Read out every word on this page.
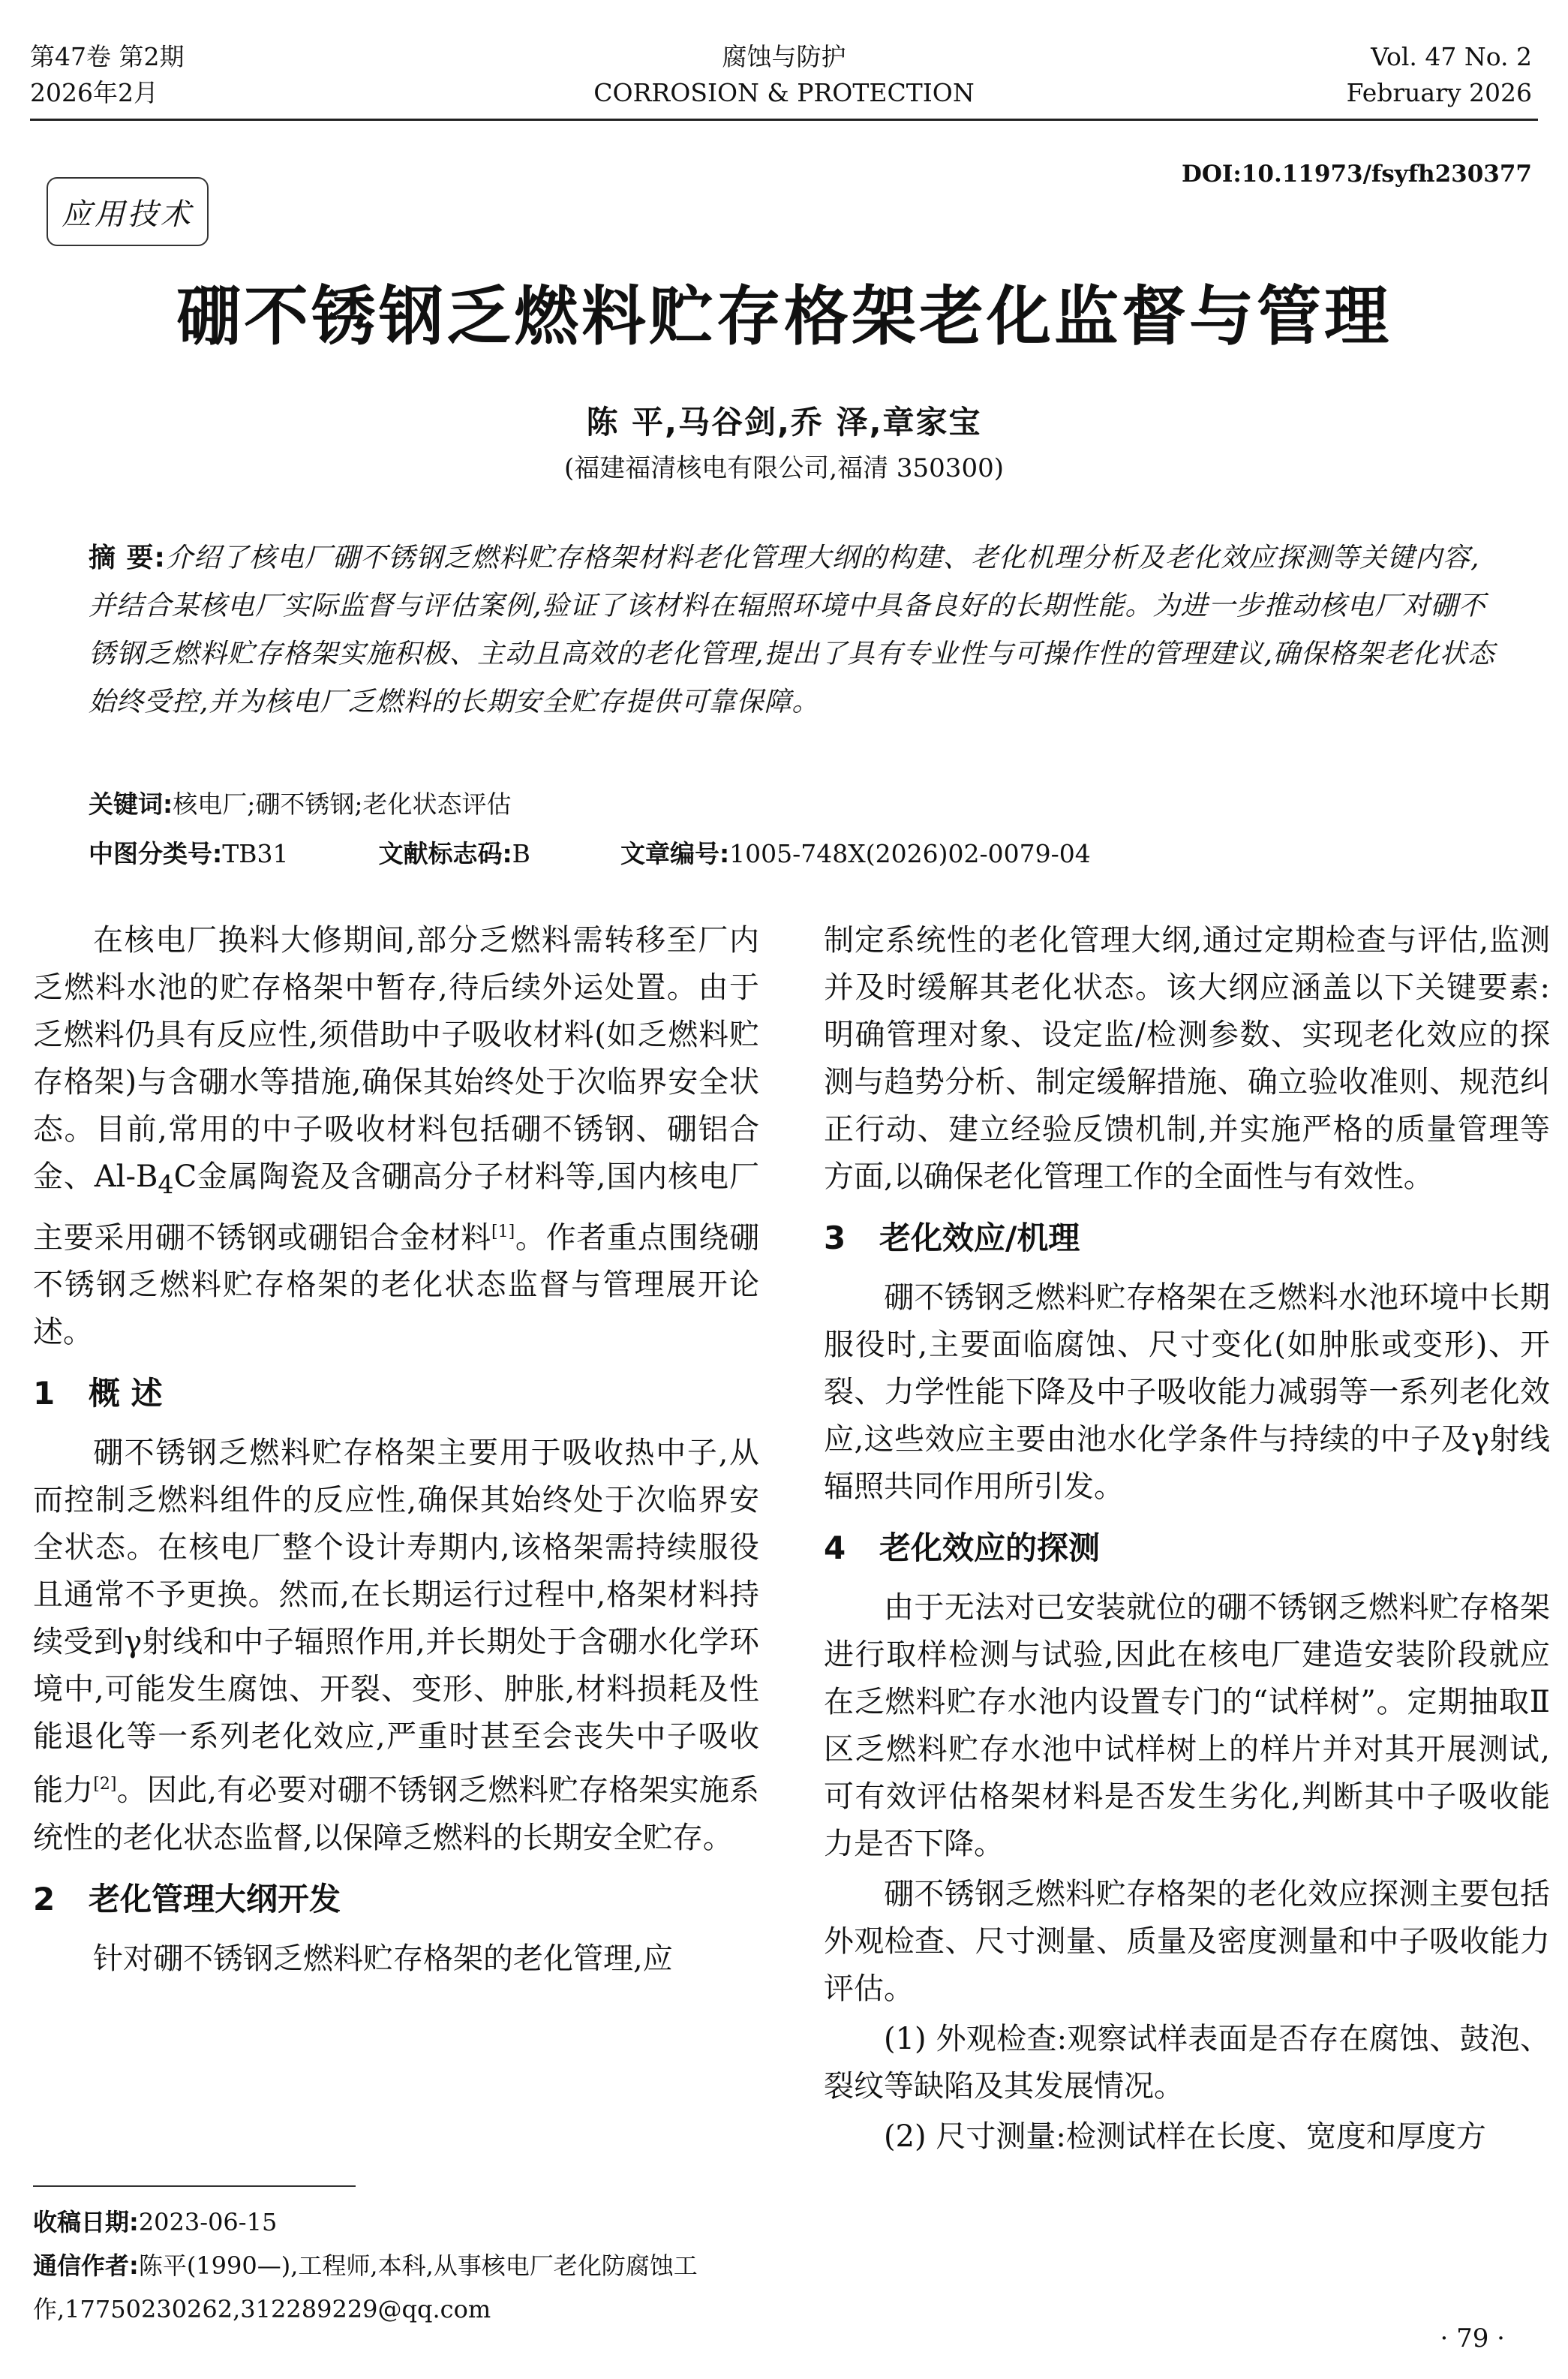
第47卷 第2期
2026年2月
腐蚀与防护
CORROSION & PROTECTION
Vol. 47 No. 2
February 2026
DOI:10.11973/fsyfh230377
应用技术
硼不锈钢乏燃料贮存格架老化监督与管理
陈 平,马谷剑,乔 泽,章家宝
(福建福清核电有限公司,福清 350300)
摘 要:介绍了核电厂硼不锈钢乏燃料贮存格架材料老化管理大纲的构建、老化机理分析及老化效应探测等关键内容,并结合某核电厂实际监督与评估案例,验证了该材料在辐照环境中具备良好的长期性能。为进一步推动核电厂对硼不锈钢乏燃料贮存格架实施积极、主动且高效的老化管理,提出了具有专业性与可操作性的管理建议,确保格架老化状态始终受控,并为核电厂乏燃料的长期安全贮存提供可靠保障。
关键词:核电厂;硼不锈钢;老化状态评估
中图分类号:TB31	文献标志码:B	文章编号:1005-748X(2026)02-0079-04

在核电厂换料大修期间,部分乏燃料需转移至厂内乏燃料水池的贮存格架中暂存,待后续外运处置。由于乏燃料仍具有反应性,须借助中子吸收材料(如乏燃料贮存格架)与含硼水等措施,确保其始终处于次临界安全状态。目前,常用的中子吸收材料包括硼不锈钢、硼铝合金、$Al-B_4C$金属陶瓷及含硼高分子材料等,国内核电厂主要采用硼不锈钢或硼铝合金材料[1]。作者重点围绕硼不锈钢乏燃料贮存格架的老化状态监督与管理展开论述。

1 概 述

硼不锈钢乏燃料贮存格架主要用于吸收热中子,从而控制乏燃料组件的反应性,确保其始终处于次临界安全状态。在核电厂整个设计寿期内,该格架需持续服役且通常不予更换。然而,在长期运行过程中,格架材料持续受到γ射线和中子辐照作用,并长期处于含硼水化学环境中,可能发生腐蚀、开裂、变形、肿胀,材料损耗及性能退化等一系列老化效应,严重时甚至会丧失中子吸收能力[2]。因此,有必要对硼不锈钢乏燃料贮存格架实施系统性的老化状态监督,以保障乏燃料的长期安全贮存。

2 老化管理大纲开发

针对硼不锈钢乏燃料贮存格架的老化管理,应

制定系统性的老化管理大纲,通过定期检查与评估,监测并及时缓解其老化状态。该大纲应涵盖以下关键要素:明确管理对象、设定监/检测参数、实现老化效应的探测与趋势分析、制定缓解措施、确立验收准则、规范纠正行动、建立经验反馈机制,并实施严格的质量管理等方面,以确保老化管理工作的全面性与有效性。

3 老化效应/机理

硼不锈钢乏燃料贮存格架在乏燃料水池环境中长期服役时,主要面临腐蚀、尺寸变化(如肿胀或变形)、开裂、力学性能下降及中子吸收能力减弱等一系列老化效应,这些效应主要由池水化学条件与持续的中子及γ射线辐照共同作用所引发。

4 老化效应的探测

由于无法对已安装就位的硼不锈钢乏燃料贮存格架进行取样检测与试验,因此在核电厂建造安装阶段就应在乏燃料贮存水池内设置专门的“试样树”。定期抽取Ⅱ区乏燃料贮存水池中试样树上的样片并对其开展测试,可有效评估格架材料是否发生劣化,判断其中子吸收能力是否下降。

硼不锈钢乏燃料贮存格架的老化效应探测主要包括外观检查、尺寸测量、质量及密度测量和中子吸收能力评估。

(1) 外观检查:观察试样表面是否存在腐蚀、鼓泡、裂纹等缺陷及其发展情况。

(2) 尺寸测量:检测试样在长度、宽度和厚度方

收稿日期:2023-06-15
通信作者:陈平(1990—),工程师,本科,从事核电厂老化防腐蚀工作,17750230262,312289229@qq.com
· 79 ·
